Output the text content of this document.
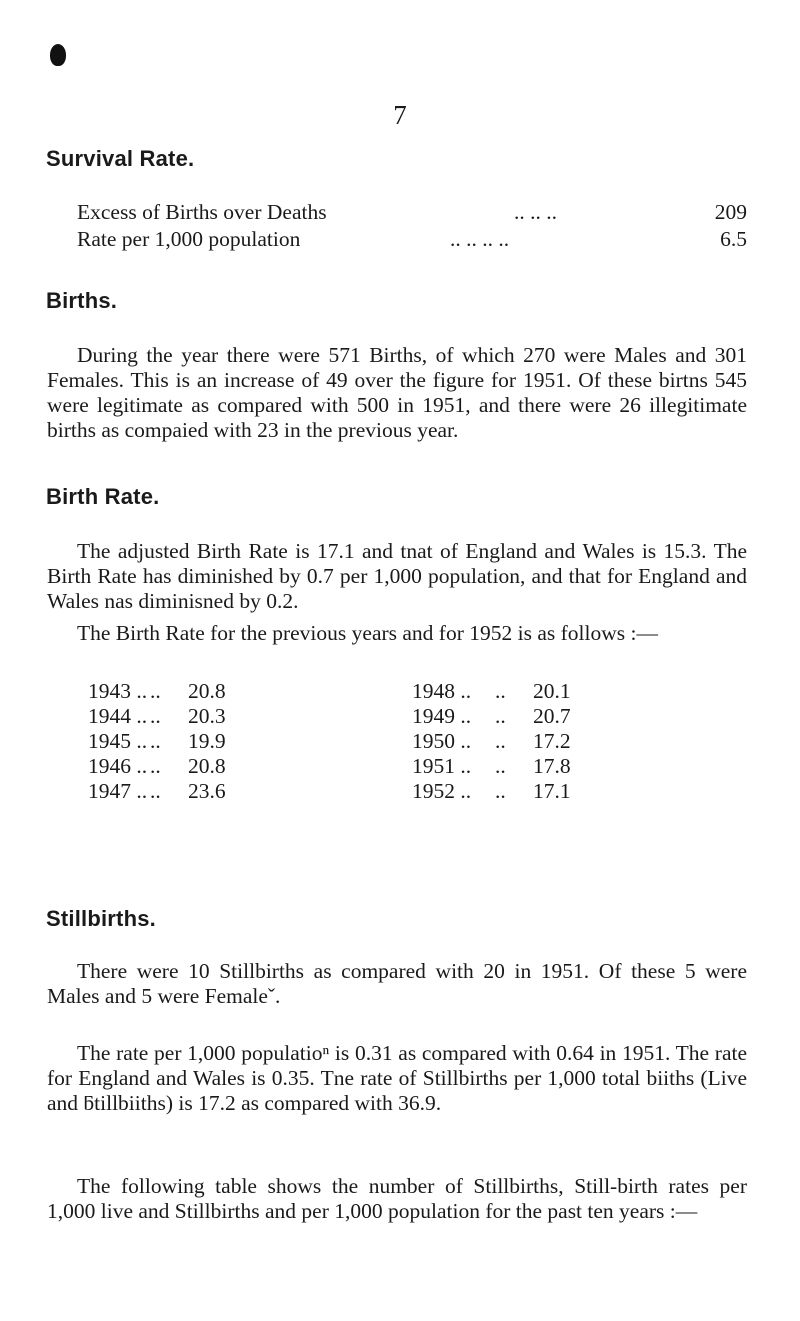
7
Survival Rate.
Excess of Births over Deaths	.. .. ..	209
Rate per 1,000 population	.. .. .. ..	6.5
Births.

During the year there were 571 Births, of which 270 were Males and 301 Females. This is an increase of 49 over the figure for 1951. Of these birtns 545 were legitimate as compared with 500 in 1951, and there were 26 illegitimate births as compaied with 23 in the previous year.

Birth Rate.

The adjusted Birth Rate is 17.1 and tnat of England and Wales is 15.3. The Birth Rate has diminished by 0.7 per 1,000 population, and that for England and Wales nas diminisned by 0.2.

The Birth Rate for the previous years and for 1952 is as follows :—

1943 .. .. 20.8
1944 .. .. 20.3
1945 .. .. 19.9
1946 .. .. 20.8
1947 .. .. 23.6
1948 .. .. 20.1
1949 .. .. 20.7
1950 .. .. 17.2
1951 .. .. 17.8
1952 .. .. 17.1
Stillbirths.

There were 10 Stillbirths as compared with 20 in 1951. Of these 5 were Males and 5 were Femaleˇ.

The rate per 1,000 populatioⁿ is 0.31 as compared with 0.64 in 1951. The rate for England and Wales is 0.35. Tne rate of Stillbirths per 1,000 total biiths (Live and ƃtillbiiths) is 17.2 as compared with 36.9.

The following table shows the number of Stillbirths, Still-birth rates per 1,000 live and Stillbirths and per 1,000 population for the past ten years :—
